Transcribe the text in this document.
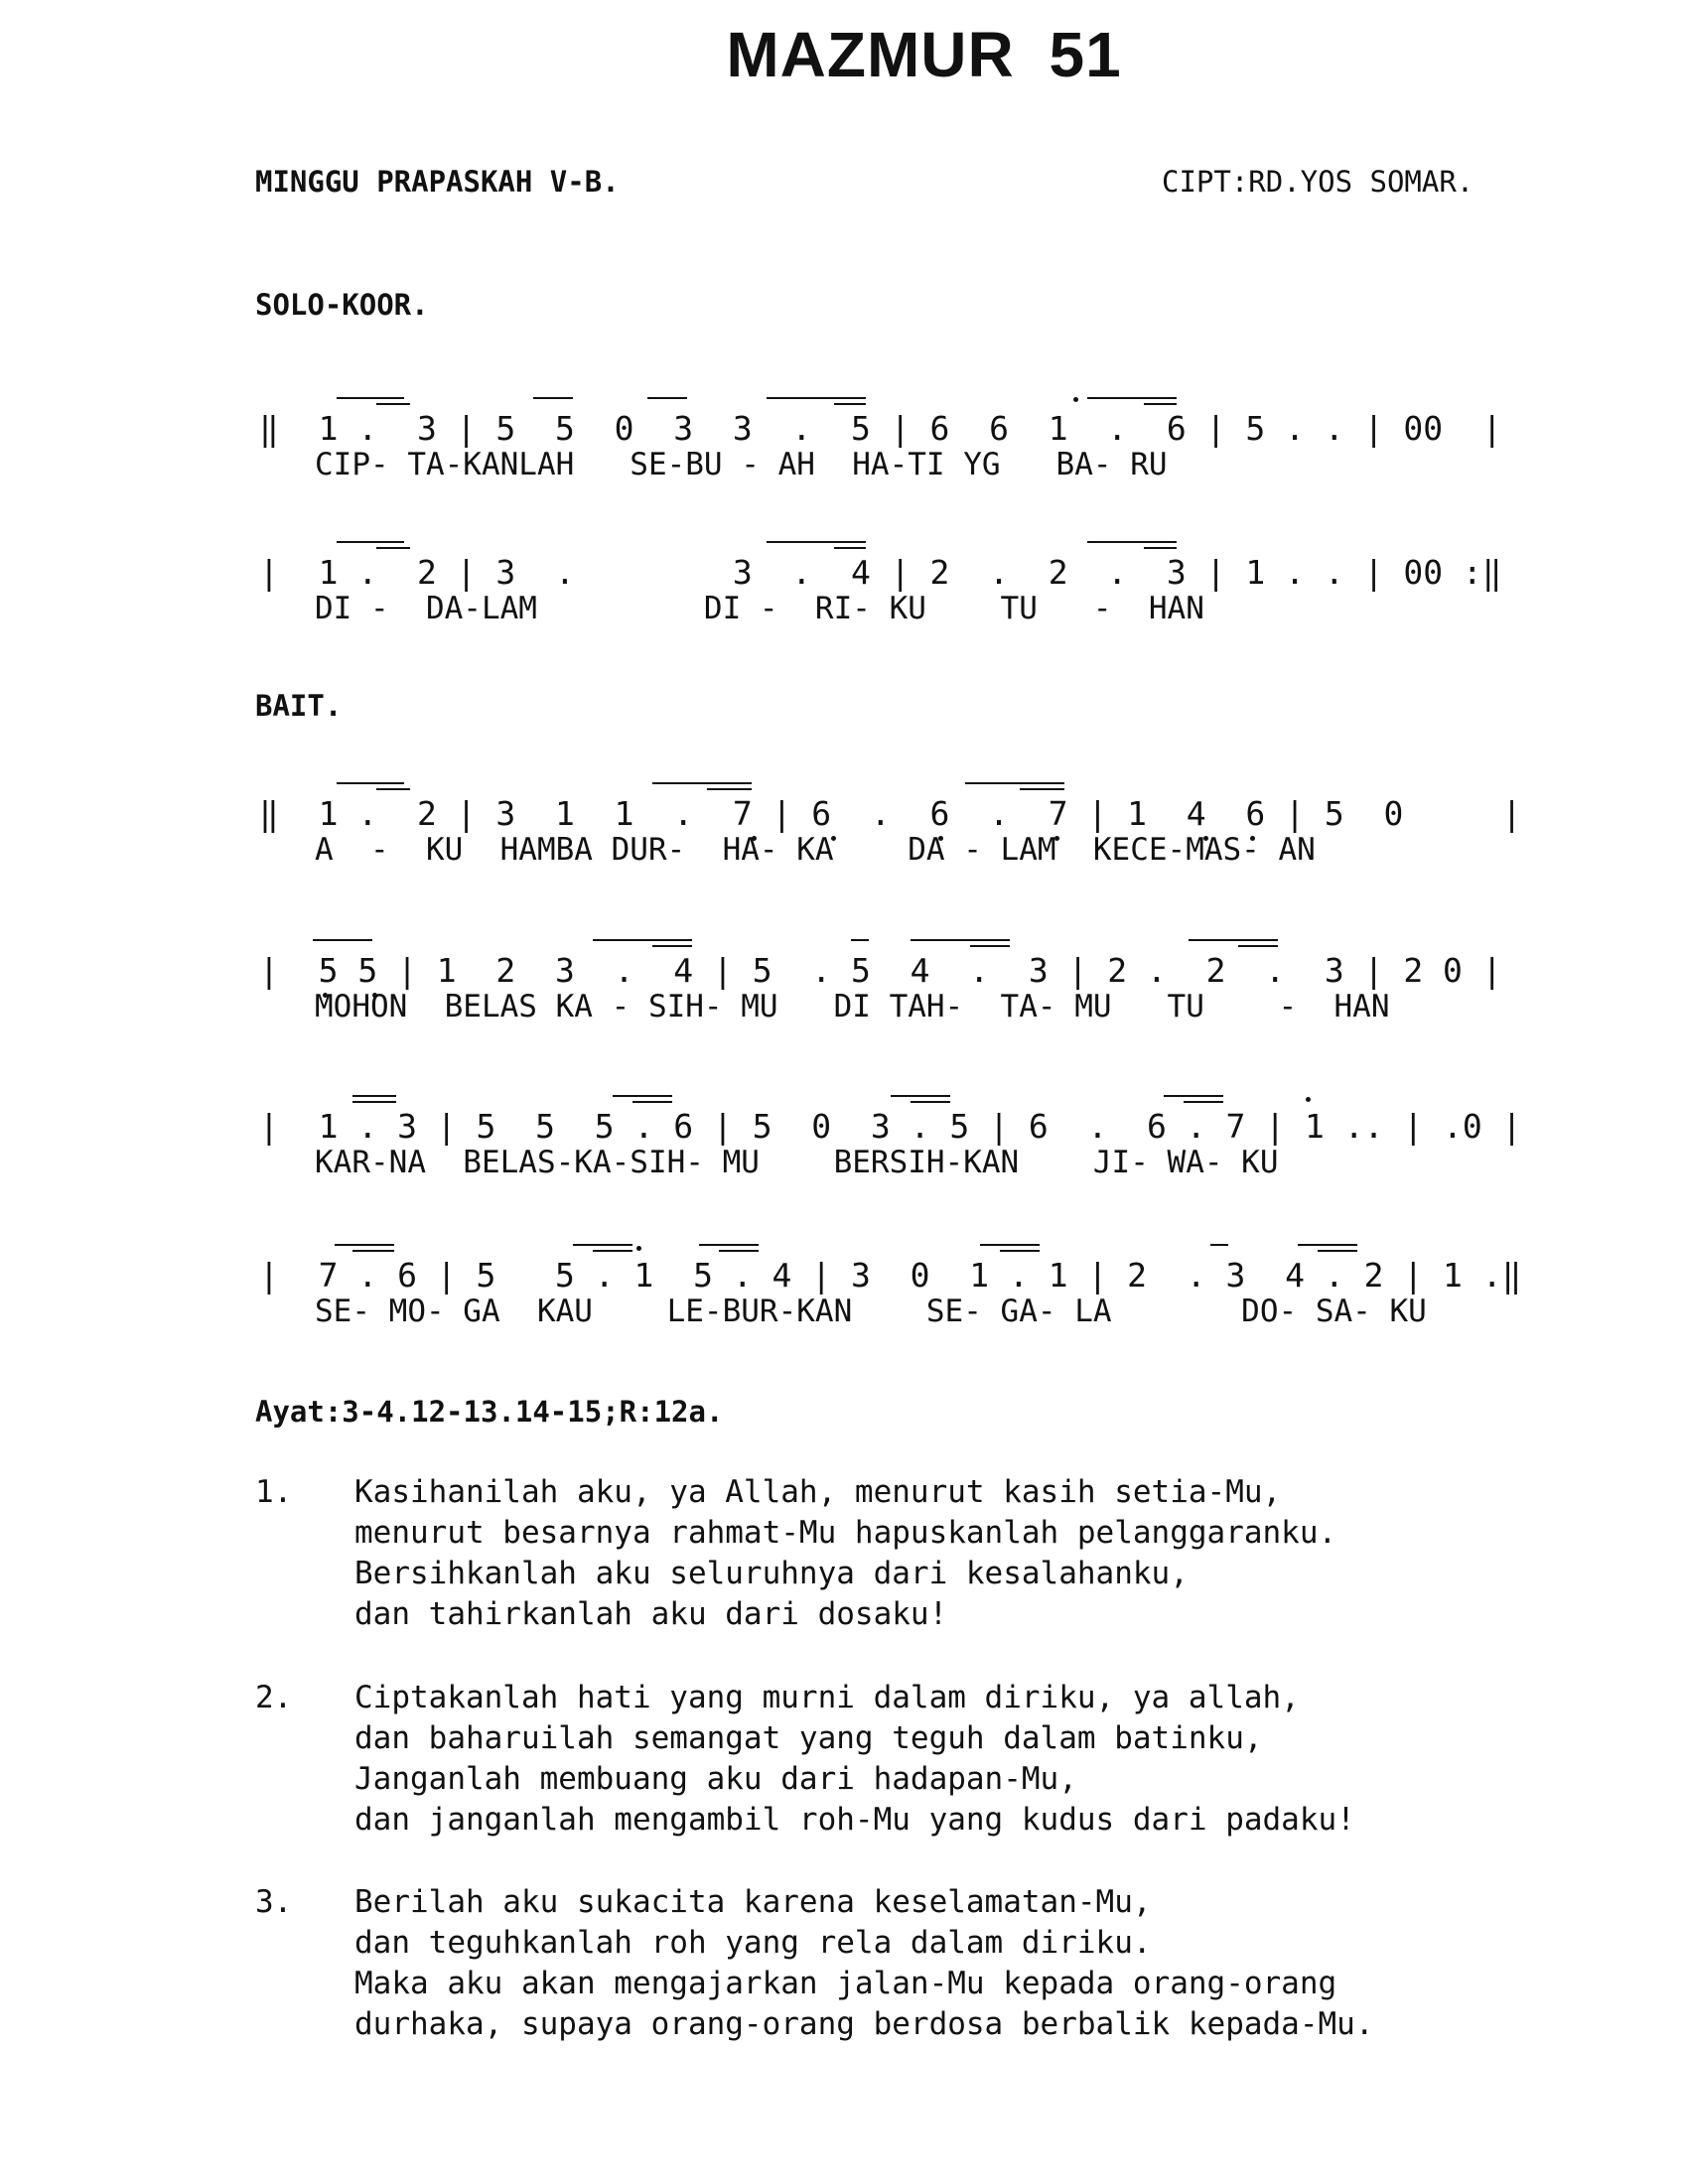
MAZMUR 51
MINGGU PRAPASKAH V-B.	CIPT:RD.YOS SOMAR.
SOLO-KOOR.
‖  1 .  3 | 5  5  0  3  3  .  5 | 6  6  1  .  6 | 5 . . | 00  |
CIP- TA-KANLAH   SE-BU - AH  HA-TI YG   BA- RU
|  1 .  2 | 3  .        3  .  4 | 2  .  2  .  3 | 1 . . | 00 :‖
DI -  DA-LAM         DI -  RI- KU    TU   -  HAN
BAIT.
‖  1 .  2 | 3  1  1  .  7 | 6  .  6  .  7 | 1  4  6 | 5  0     |
A  -  KU  HAMBA DUR-  HA- KA    DA - LAM  KECE-MAS- AN
|  5 5 | 1  2  3  .  4 | 5  . 5  4  .  3 | 2 .  2  .  3 | 2 0 |
MOHON  BELAS KA - SIH- MU   DI TAH-  TA- MU   TU    -  HAN
|  1 . 3 | 5  5  5 . 6 | 5  0  3 . 5 | 6  .  6 . 7 | 1 .. | .0 |
KAR-NA  BELAS-KA-SIH- MU    BERSIH-KAN    JI- WA- KU
|  7 . 6 | 5   5 . 1  5 . 4 | 3  0  1 . 1 | 2  . 3  4 . 2 | 1 .‖
SE- MO- GA  KAU    LE-BUR-KAN    SE- GA- LA       DO- SA- KU
Ayat:3-4.12-13.14-15;R:12a.
1. Kasihanilah aku, ya Allah, menurut kasih setia-Mu,
menurut besarnya rahmat-Mu hapuskanlah pelanggaranku.
Bersihkanlah aku seluruhnya dari kesalahanku,
dan tahirkanlah aku dari dosaku!
2. Ciptakanlah hati yang murni dalam diriku, ya allah,
dan baharuilah semangat yang teguh dalam batinku,
Janganlah membuang aku dari hadapan-Mu,
dan janganlah mengambil roh-Mu yang kudus dari padaku!
3. Berilah aku sukacita karena keselamatan-Mu,
dan teguhkanlah roh yang rela dalam diriku.
Maka aku akan mengajarkan jalan-Mu kepada orang-orang
durhaka, supaya orang-orang berdosa berbalik kepada-Mu.
